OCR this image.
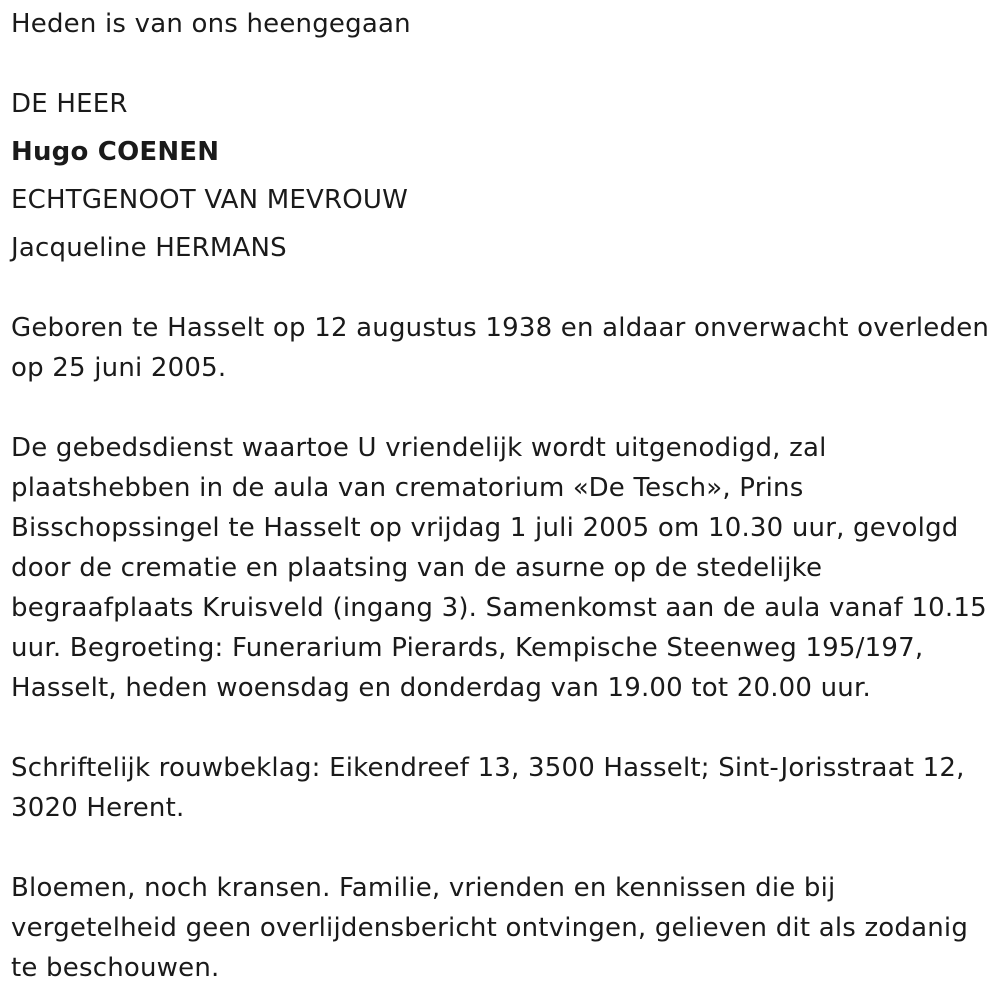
Heden is van ons heengegaan

DE HEER

Hugo COENEN

ECHTGENOOT VAN MEVROUW

Jacqueline HERMANS

Geboren te Hasselt op 12 augustus 1938 en aldaar onverwacht overleden

op 25 juni 2005.

De gebedsdienst waartoe U vriendelijk wordt uitgenodigd, zal

plaatshebben in de aula van crematorium «De Tesch», Prins

Bisschopssingel te Hasselt op vrijdag 1 juli 2005 om 10.30 uur, gevolgd

door de crematie en plaatsing van de asurne op de stedelijke

begraafplaats Kruisveld (ingang 3). Samenkomst aan de aula vanaf 10.15

uur. Begroeting: Funerarium Pierards, Kempische Steenweg 195/197,

Hasselt, heden woensdag en donderdag van 19.00 tot 20.00 uur.

Schriftelijk rouwbeklag: Eikendreef 13, 3500 Hasselt; Sint-Jorisstraat 12,

3020 Herent.

Bloemen, noch kransen. Familie, vrienden en kennissen die bij

vergetelheid geen overlijdensbericht ontvingen, gelieven dit als zodanig

te beschouwen.
